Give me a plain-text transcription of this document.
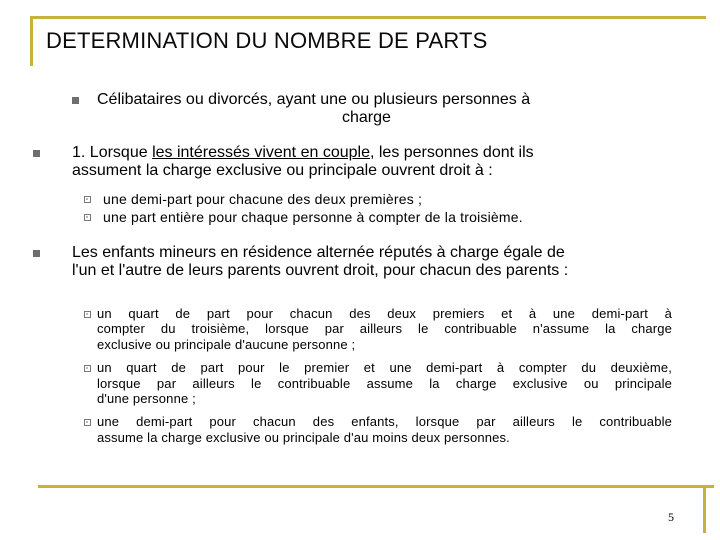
DETERMINATION DU NOMBRE DE PARTS
Célibataires ou divorcés, ayant une ou plusieurs personnes à
charge
1. Lorsque les intéressés vivent en couple, les personnes dont ils
assument la charge exclusive ou principale ouvrent droit à :
une demi-part pour chacune des deux premières ;
une part entière pour chaque personne à compter de la troisième.
Les enfants mineurs en résidence alternée réputés à charge égale de
l'un et l'autre de leurs parents ouvrent droit, pour chacun des parents :
un quart de part pour chacun des deux premiers et à une demi-part à
compter du troisième, lorsque par ailleurs le contribuable n'assume la charge
exclusive ou principale d'aucune personne ;
un quart de part pour le premier et une demi-part à compter du deuxième,
lorsque par ailleurs le contribuable assume la charge exclusive ou principale
d'une personne ;
une demi-part pour chacun des enfants, lorsque par ailleurs le contribuable
assume la charge exclusive ou principale d'au moins deux personnes.
5
